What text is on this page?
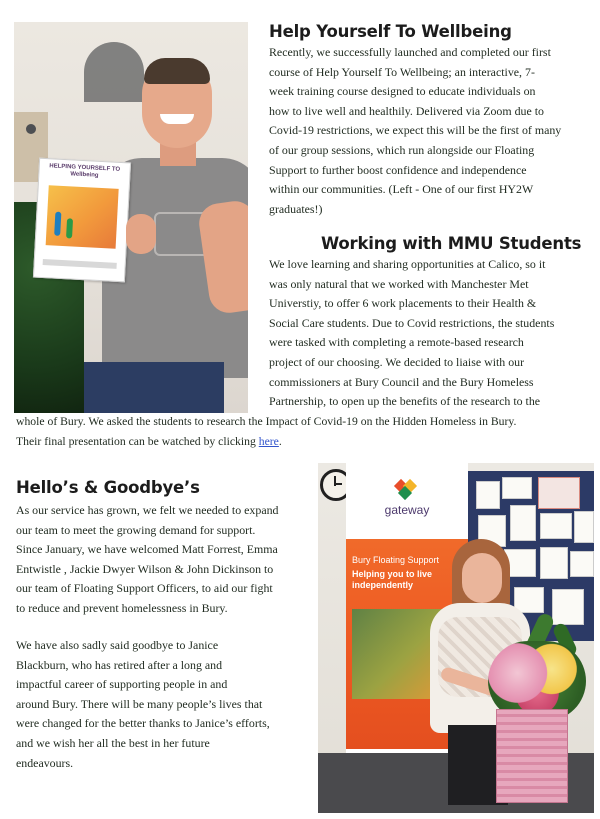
HELPING YOURSELF TO Wellbeing
Help Yourself To Wellbeing
Recently, we successfully launched and completed our first
course of Help Yourself To Wellbeing; an interactive, 7-
week training course designed to educate individuals on
how to live well and healthily. Delivered via Zoom due to
Covid-19 restrictions, we expect this will be the first of many
of our group sessions, which run alongside our Floating
Support to further boost confidence and independence
within our communities. (Left - One of our first HY2W
graduates!)
Working with MMU Students
We love learning and sharing opportunities at Calico, so it
was only natural that we worked with Manchester Met
Universtiy, to offer 6 work placements to their Health &
Social Care students. Due to Covid restrictions, the students
were tasked with completing a remote-based research
project of our choosing. We decided to liaise with our
commissioners at Bury Council and the Bury Homeless
Partnership, to open up the benefits of the research to the
whole of Bury. We asked the students to research the Impact of Covid-19 on the Hidden Homeless in Bury.
Their final presentation can be watched by clicking here.
Hello’s & Goodbye’s
As our service has grown, we felt we needed to expand
our team to meet the growing demand for support.
Since January, we have welcomed Matt Forrest, Emma
Entwistle , Jackie Dwyer Wilson & John Dickinson to
our team of Floating Support Officers, to aid our fight
to reduce and prevent homelessness in Bury.
We have also sadly said goodbye to Janice
Blackburn, who has retired after a long and
impactful career of supporting people in and
around Bury. There will be many people’s lives that
were changed for the better thanks to Janice’s efforts,
and we wish her all the best in her future
endeavours.
gateway
Bury Floating Support
Helping you to live independently
